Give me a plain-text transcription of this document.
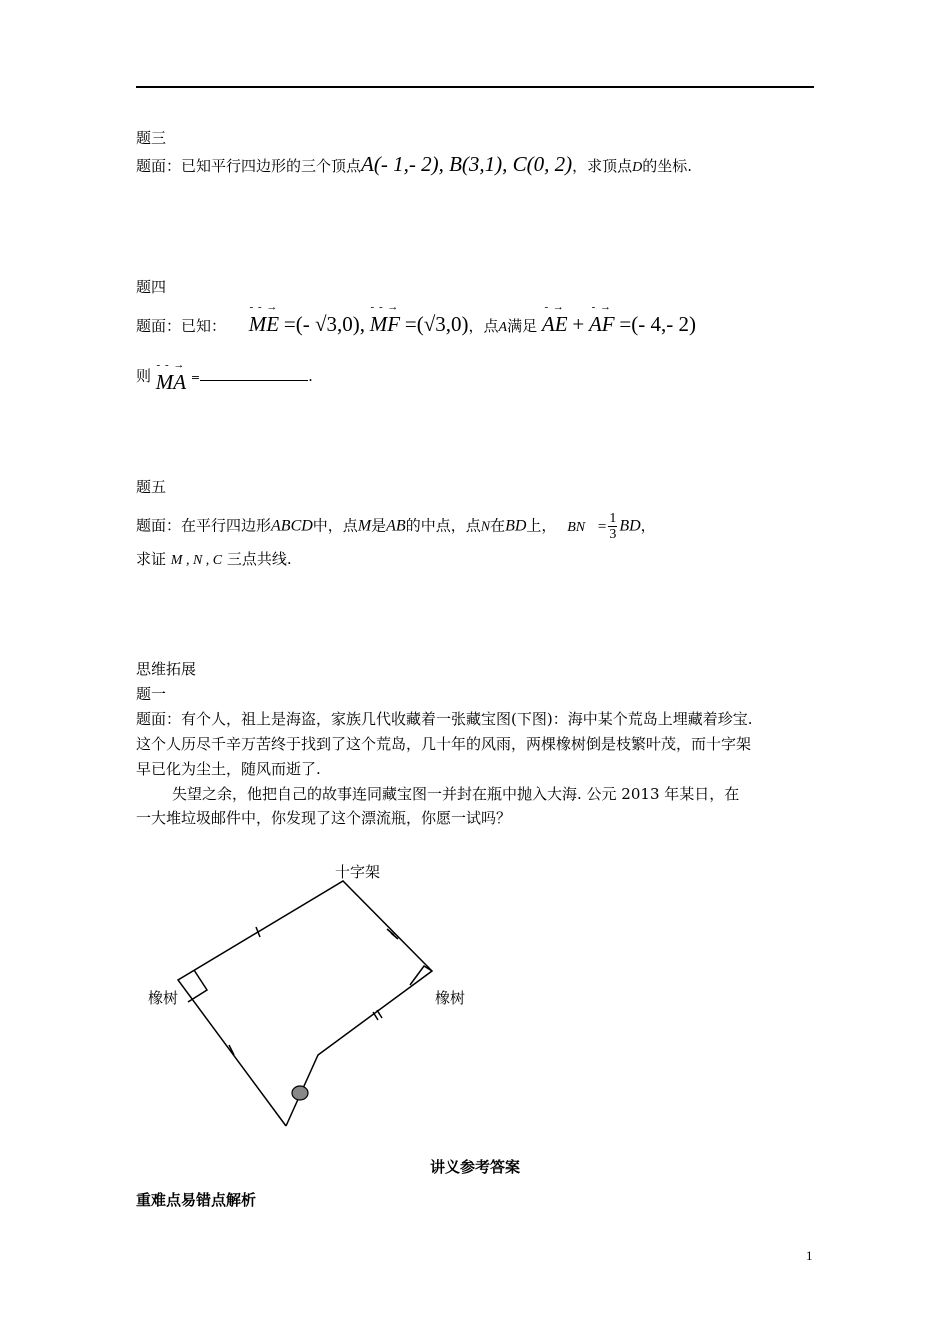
题三
题面：已知平行四边形的三个顶点A(- 1,- 2), B(3,1), C(0, 2)，求顶点D的坐标.
题四
题面：已知：
- - →
ME =(- √3,0),
- - →
MF =(√3,0)，点A满足
- →
AE +
- →
AF =(- 4,- 2)
则
- - →
MA =	.
题五
题面：在平行四边形ABCD中，点M是AB的中点，点N在BD上， BN = $\frac{1}{3}$ BD，
求证 M , N , C 三点共线.
思维拓展
题一
题面：有个人，祖上是海盗，家族几代收藏着一张藏宝图(下图)：海中某个荒岛上埋藏着珍宝.
这个人历尽千辛万苦终于找到了这个荒岛，几十年的风雨，两棵橡树倒是枝繁叶茂，而十字架
早已化为尘土，随风而逝了.
失望之余，他把自己的故事连同藏宝图一并封在瓶中抛入大海. 公元 2013 年某日，在
一大堆垃圾邮件中，你发现了这个漂流瓶，你愿一试吗？
十字架
橡树	橡树
讲义参考答案
重难点易错点解析
1
